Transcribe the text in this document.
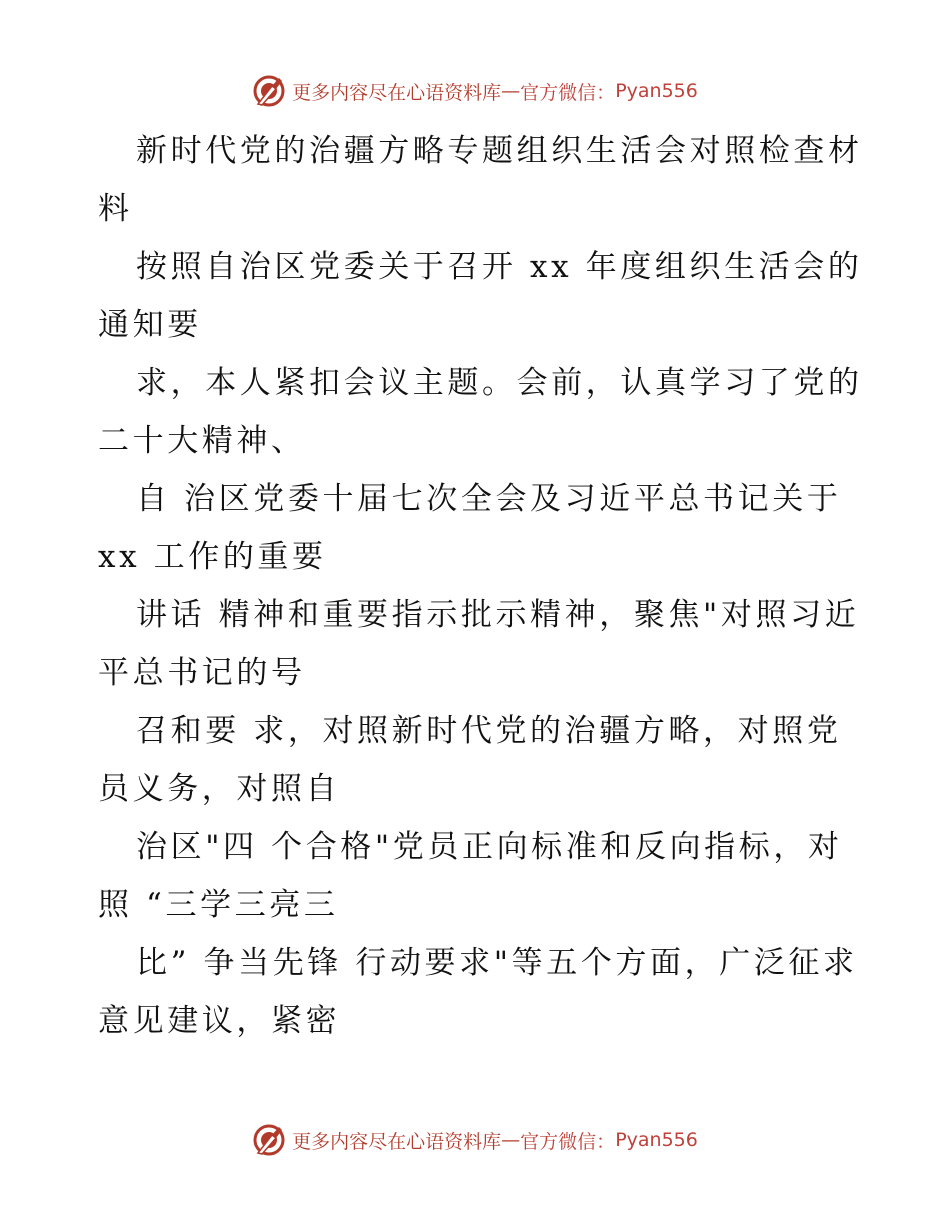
更多内容尽在心语资料库 — 官方微信： Pyan556

新时代党的治疆方略专题组织生活会对照检查材
料

按照自治区党委关于召开 xx 年度组织生活会的
通知要

求，本人紧扣会议主题。会前，认真学习了党的
二十大精神、

自 治区党委十届七次全会及习近平总书记关于
xx 工作的重要

讲话 精神和重要指示批示精神，聚焦"对照习近
平总书记的号

召和要 求，对照新时代党的治疆方略，对照党
员义务，对照自

治区"四 个合格"党员正向标准和反向指标，对
照 “三学三亮三

比” 争当先锋 行动要求"等五个方面，广泛征求
意见建议，紧密

更多内容尽在心语资料库 — 官方微信： Pyan556
